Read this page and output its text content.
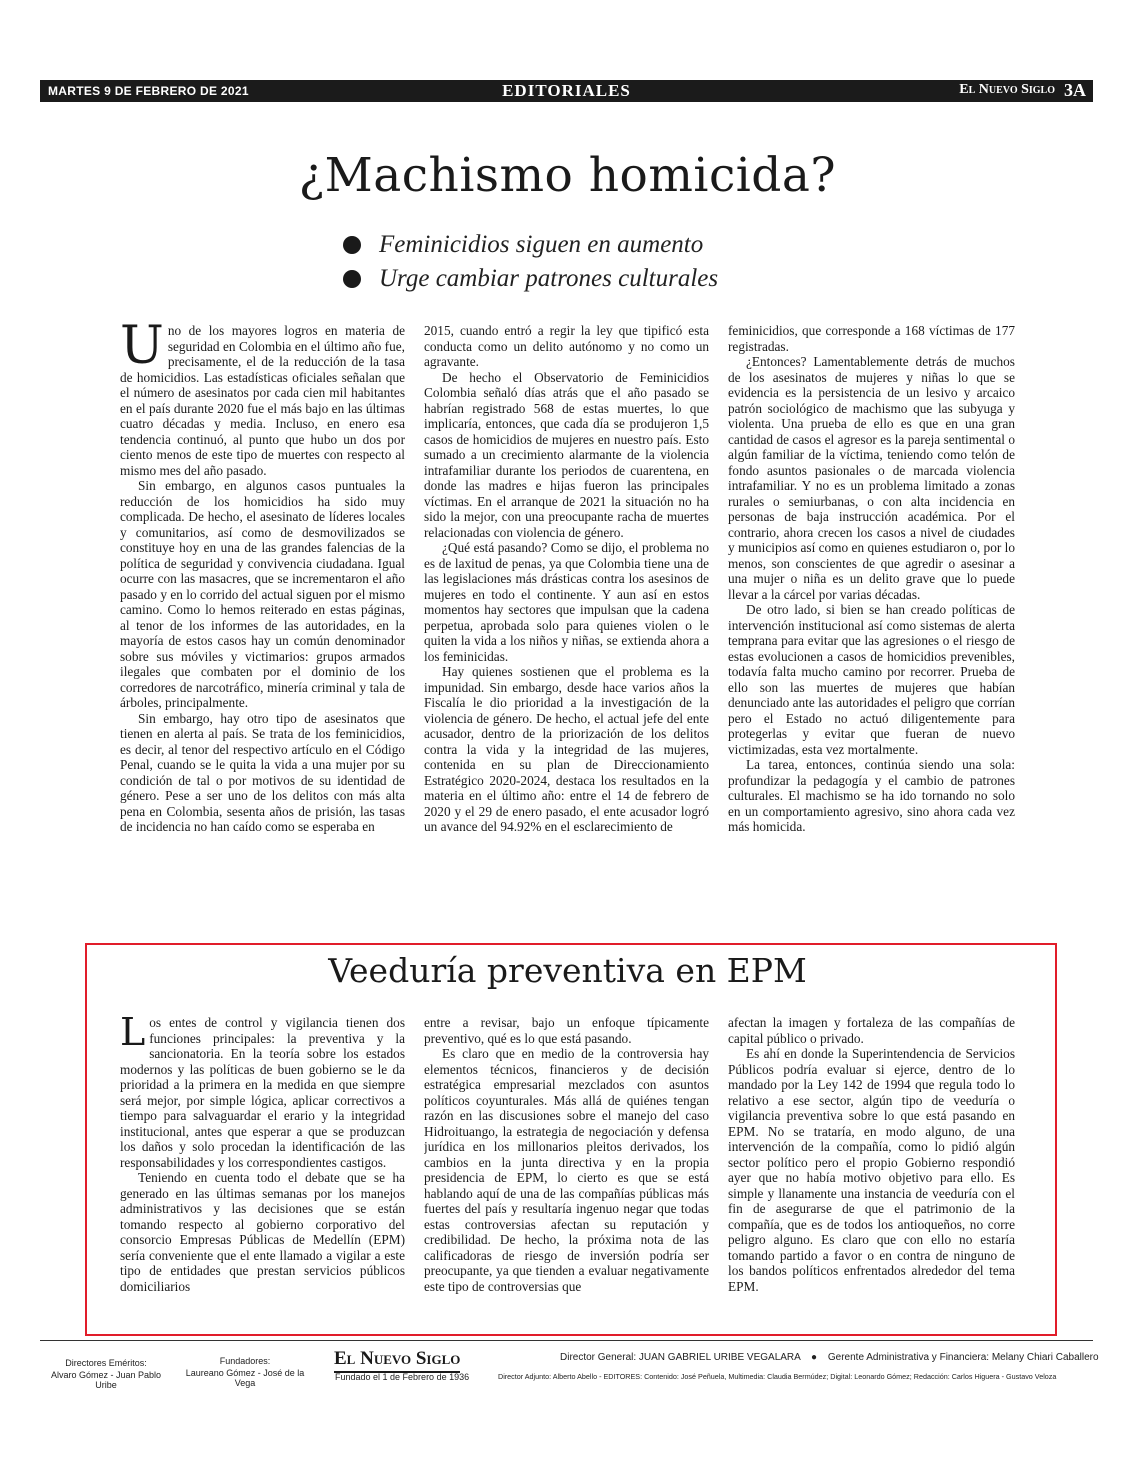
MARTES 9 DE FEBRERO DE 2021	EDITORIALES	El Nuevo Siglo 3A
¿Machismo homicida?
Feminicidios siguen en aumento
Urge cambiar patrones culturales

Uno de los mayores logros en materia de seguridad en Colombia en el último año fue, precisamente, el de la reducción de la tasa de homicidios. Las estadísticas oficiales señalan que el número de asesinatos por cada cien mil habitantes en el país durante 2020 fue el más bajo en las últimas cuatro décadas y media. Incluso, en enero esa tendencia continuó, al punto que hubo un dos por ciento menos de este tipo de muertes con respecto al mismo mes del año pasado.

Sin embargo, en algunos casos puntuales la reducción de los homicidios ha sido muy complicada. De hecho, el asesinato de líderes locales y comunitarios, así como de desmovilizados se constituye hoy en una de las grandes falencias de la política de seguridad y convivencia ciudadana. Igual ocurre con las masacres, que se incrementaron el año pasado y en lo corrido del actual siguen por el mismo camino. Como lo hemos reiterado en estas páginas, al tenor de los informes de las autoridades, en la mayoría de estos casos hay un común denominador sobre sus móviles y victimarios: grupos armados ilegales que combaten por el dominio de los corredores de narcotráfico, minería criminal y tala de árboles, principalmente.

Sin embargo, hay otro tipo de asesinatos que tienen en alerta al país. Se trata de los feminicidios, es decir, al tenor del respectivo artículo en el Código Penal, cuando se le quita la vida a una mujer por su condición de tal o por motivos de su identidad de género. Pese a ser uno de los delitos con más alta pena en Colombia, sesenta años de prisión, las tasas de incidencia no han caído como se esperaba en

2015, cuando entró a regir la ley que tipificó esta conducta como un delito autónomo y no como un agravante.

De hecho el Observatorio de Feminicidios Colombia señaló días atrás que el año pasado se habrían registrado 568 de estas muertes, lo que implicaría, entonces, que cada día se produjeron 1,5 casos de homicidios de mujeres en nuestro país. Esto sumado a un crecimiento alarmante de la violencia intrafamiliar durante los periodos de cuarentena, en donde las madres e hijas fueron las principales víctimas. En el arranque de 2021 la situación no ha sido la mejor, con una preocupante racha de muertes relacionadas con violencia de género.

¿Qué está pasando? Como se dijo, el problema no es de laxitud de penas, ya que Colombia tiene una de las legislaciones más drásticas contra los asesinos de mujeres en todo el continente. Y aun así en estos momentos hay sectores que impulsan que la cadena perpetua, aprobada solo para quienes violen o le quiten la vida a los niños y niñas, se extienda ahora a los feminicidas.

Hay quienes sostienen que el problema es la impunidad. Sin embargo, desde hace varios años la Fiscalía le dio prioridad a la investigación de la violencia de género. De hecho, el actual jefe del ente acusador, dentro de la priorización de los delitos contra la vida y la integridad de las mujeres, contenida en su plan de Direccionamiento Estratégico 2020-2024, destaca los resultados en la materia en el último año: entre el 14 de febrero de 2020 y el 29 de enero pasado, el ente acusador logró un avance del 94.92% en el esclarecimiento de

feminicidios, que corresponde a 168 víctimas de 177 registradas.

¿Entonces? Lamentablemente detrás de muchos de los asesinatos de mujeres y niñas lo que se evidencia es la persistencia de un lesivo y arcaico patrón sociológico de machismo que las subyuga y violenta. Una prueba de ello es que en una gran cantidad de casos el agresor es la pareja sentimental o algún familiar de la víctima, teniendo como telón de fondo asuntos pasionales o de marcada violencia intrafamiliar. Y no es un problema limitado a zonas rurales o semiurbanas, o con alta incidencia en personas de baja instrucción académica. Por el contrario, ahora crecen los casos a nivel de ciudades y municipios así como en quienes estudiaron o, por lo menos, son conscientes de que agredir o asesinar a una mujer o niña es un delito grave que lo puede llevar a la cárcel por varias décadas.

De otro lado, si bien se han creado políticas de intervención institucional así como sistemas de alerta temprana para evitar que las agresiones o el riesgo de estas evolucionen a casos de homicidios prevenibles, todavía falta mucho camino por recorrer. Prueba de ello son las muertes de mujeres que habían denunciado ante las autoridades el peligro que corrían pero el Estado no actuó diligentemente para protegerlas y evitar que fueran de nuevo victimizadas, esta vez mortalmente.

La tarea, entonces, continúa siendo una sola: profundizar la pedagogía y el cambio de patrones culturales. El machismo se ha ido tornando no solo en un comportamiento agresivo, sino ahora cada vez más homicida.

Veeduría preventiva en EPM

Los entes de control y vigilancia tienen dos funciones principales: la preventiva y la sancionatoria. En la teoría sobre los estados modernos y las políticas de buen gobierno se le da prioridad a la primera en la medida en que siempre será mejor, por simple lógica, aplicar correctivos a tiempo para salvaguardar el erario y la integridad institucional, antes que esperar a que se produzcan los daños y solo procedan la identificación de las responsabilidades y los correspondientes castigos.

Teniendo en cuenta todo el debate que se ha generado en las últimas semanas por los manejos administrativos y las decisiones que se están tomando respecto al gobierno corporativo del consorcio Empresas Públicas de Medellín (EPM) sería conveniente que el ente llamado a vigilar a este tipo de entidades que prestan servicios públicos domiciliarios

entre a revisar, bajo un enfoque típicamente preventivo, qué es lo que está pasando.

Es claro que en medio de la controversia hay elementos técnicos, financieros y de decisión estratégica empresarial mezclados con asuntos políticos coyunturales. Más allá de quiénes tengan razón en las discusiones sobre el manejo del caso Hidroituango, la estrategia de negociación y defensa jurídica en los millonarios pleitos derivados, los cambios en la junta directiva y en la propia presidencia de EPM, lo cierto es que se está hablando aquí de una de las compañías públicas más fuertes del país y resultaría ingenuo negar que todas estas controversias afectan su reputación y credibilidad. De hecho, la próxima nota de las calificadoras de riesgo de inversión podría ser preocupante, ya que tienden a evaluar negativamente este tipo de controversias que

afectan la imagen y fortaleza de las compañías de capital público o privado.

Es ahí en donde la Superintendencia de Servicios Públicos podría evaluar si ejerce, dentro de lo mandado por la Ley 142 de 1994 que regula todo lo relativo a ese sector, algún tipo de veeduría o vigilancia preventiva sobre lo que está pasando en EPM. No se trataría, en modo alguno, de una intervención de la compañía, como lo pidió algún sector político pero el propio Gobierno respondió ayer que no había motivo objetivo para ello. Es simple y llanamente una instancia de veeduría con el fin de asegurarse de que el patrimonio de la compañía, que es de todos los antioqueños, no corre peligro alguno. Es claro que con ello no estaría tomando partido a favor o en contra de ninguno de los bandos políticos enfrentados alrededor del tema EPM.

Directores Eméritos:
Alvaro Gómez - Juan Pablo Uribe
Fundadores:
Laureano Gómez - José de la Vega
El Nuevo Siglo
Fundado el 1 de Febrero de 1936
Director General: JUAN GABRIEL URIBE VEGALARA ● Gerente Administrativa y Financiera: Melany Chiari Caballero
Director Adjunto: Alberto Abello - EDITORES: Contenido: José Peñuela, Multimedia: Claudia Bermúdez; Digital: Leonardo Gómez; Redacción: Carlos Higuera - Gustavo Veloza
